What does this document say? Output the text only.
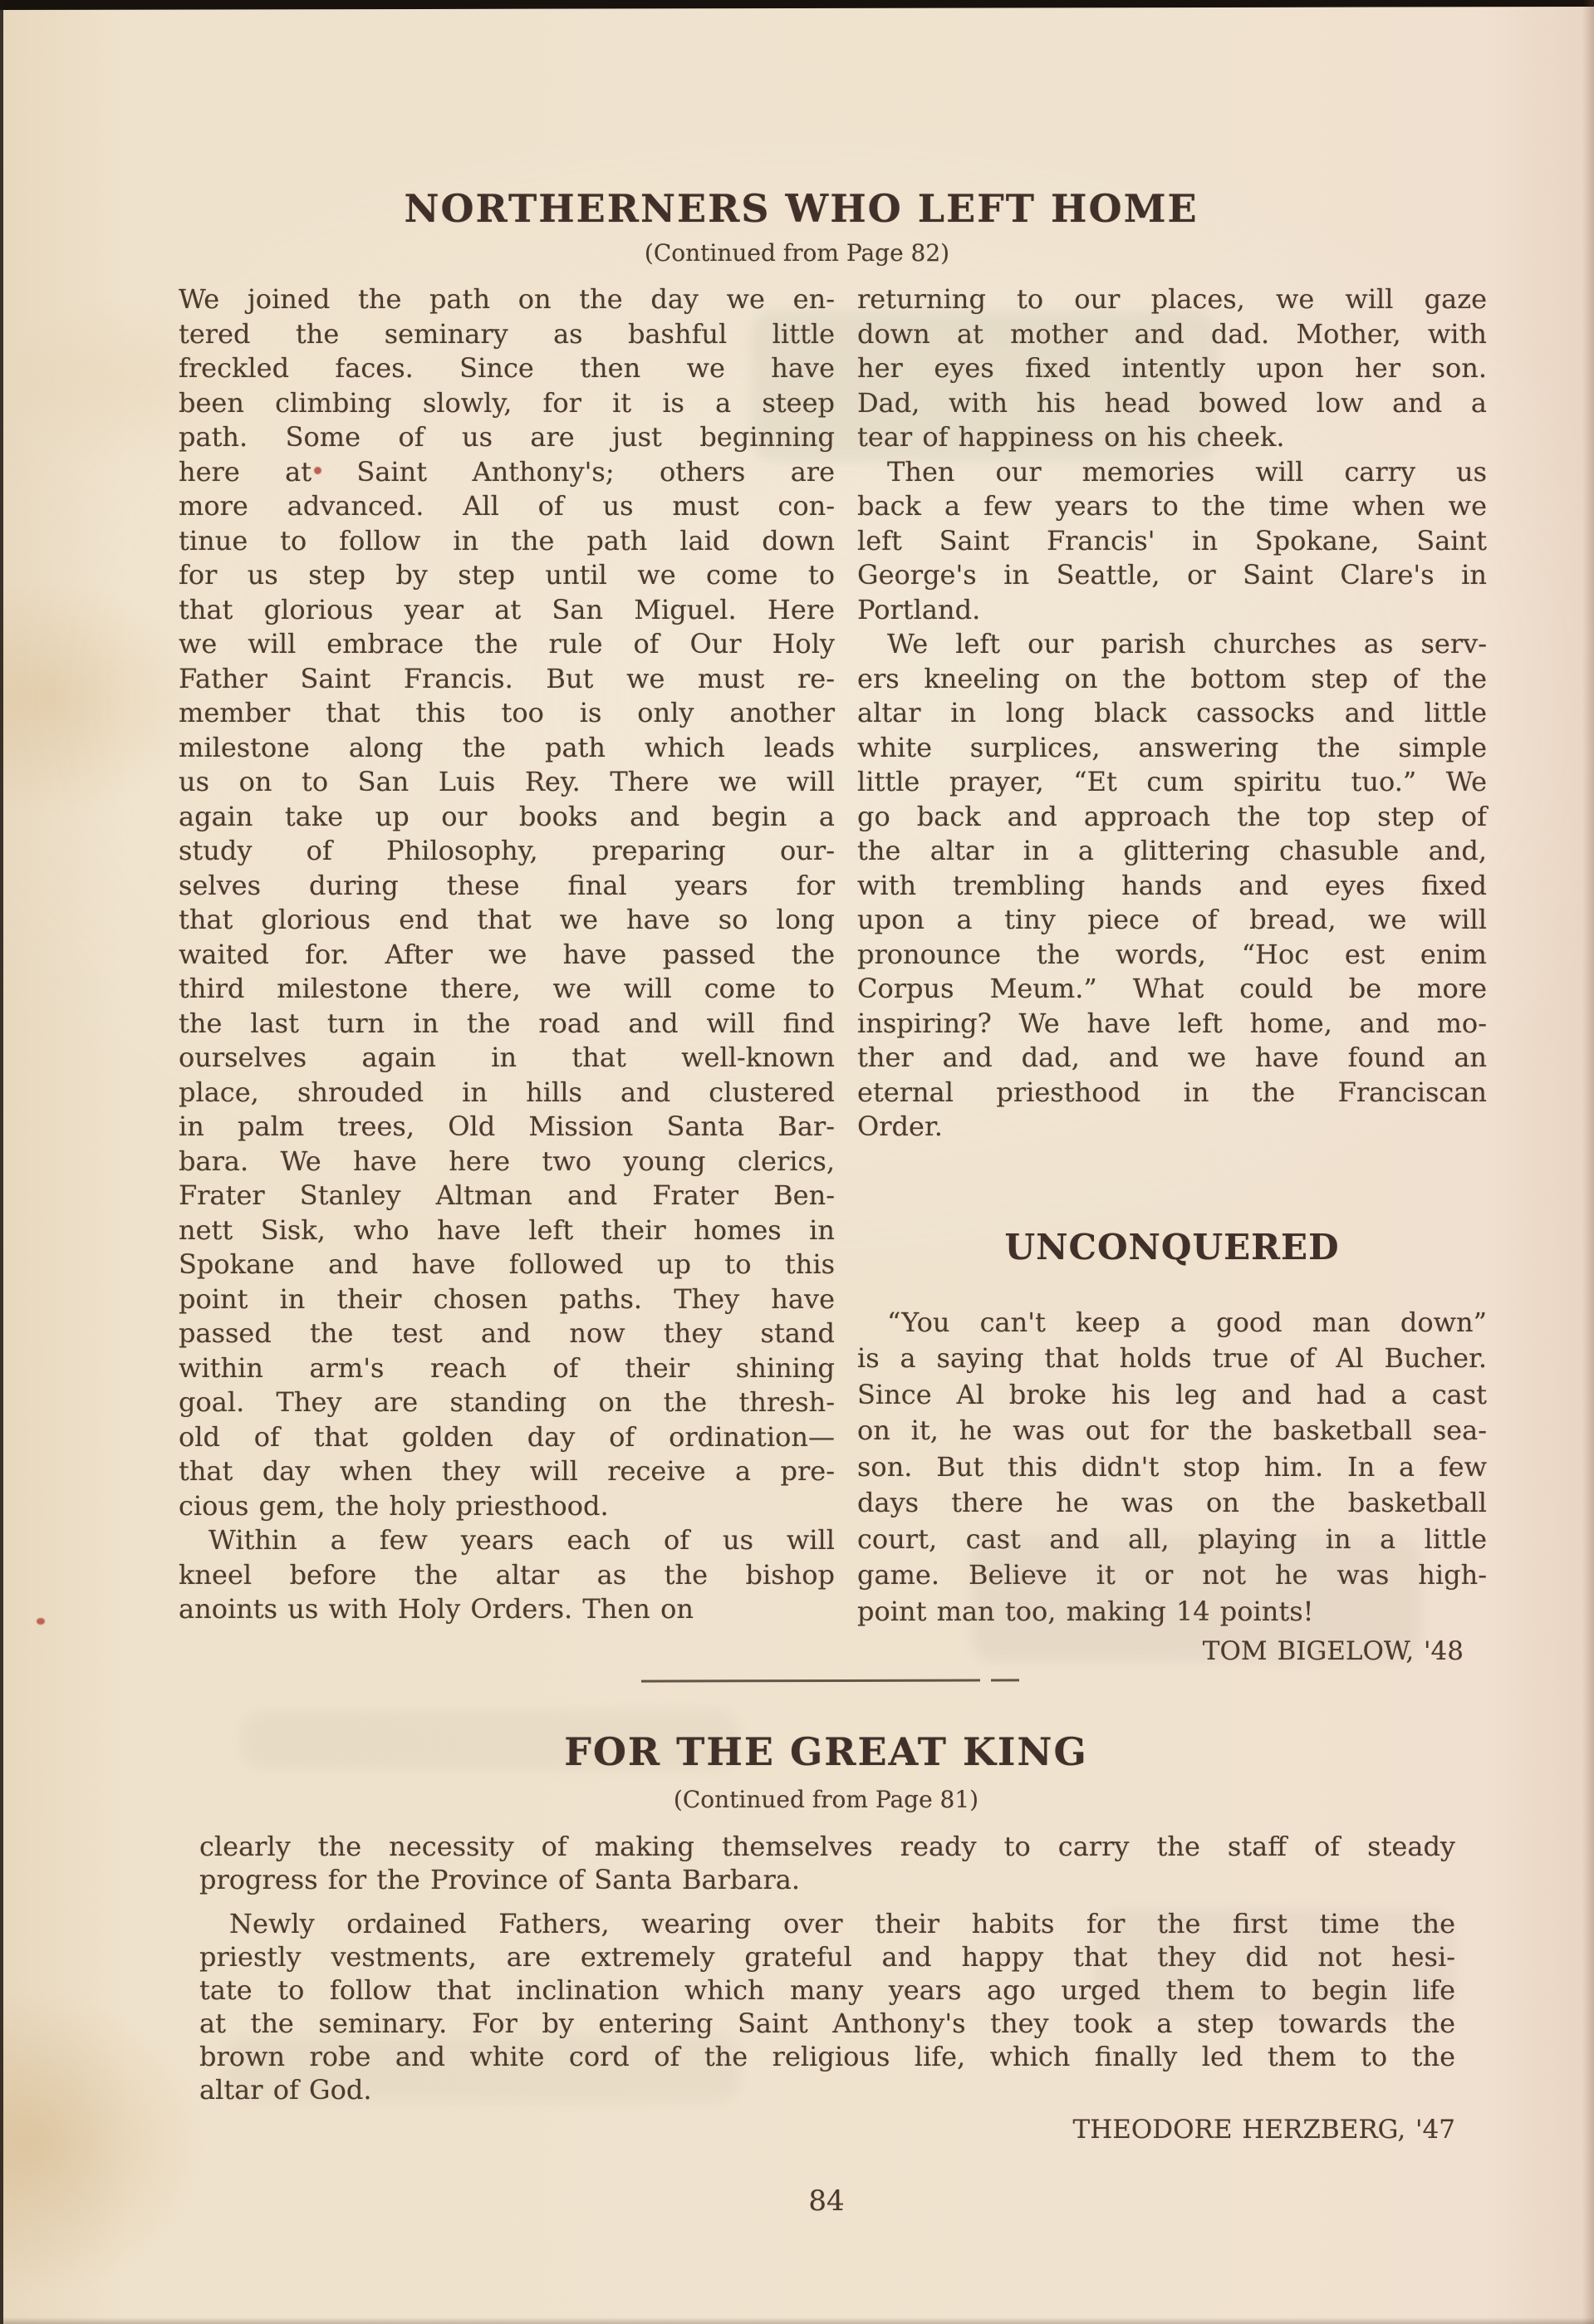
NORTHERNERS WHO LEFT HOME
(Continued from Page 82)
We joined the path on the day we en-
tered the seminary as bashful little
freckled faces. Since then we have
been climbing slowly, for it is a steep
path. Some of us are just beginning
here at Saint Anthony's; others are
more advanced. All of us must con-
tinue to follow in the path laid down
for us step by step until we come to
that glorious year at San Miguel. Here
we will embrace the rule of Our Holy
Father Saint Francis. But we must re-
member that this too is only another
milestone along the path which leads
us on to San Luis Rey. There we will
again take up our books and begin a
study of Philosophy, preparing our-
selves during these final years for
that glorious end that we have so long
waited for. After we have passed the
third milestone there, we will come to
the last turn in the road and will find
ourselves again in that well-known
place, shrouded in hills and clustered
in palm trees, Old Mission Santa Bar-
bara. We have here two young clerics,
Frater Stanley Altman and Frater Ben-
nett Sisk, who have left their homes in
Spokane and have followed up to this
point in their chosen paths. They have
passed the test and now they stand
within arm's reach of their shining
goal. They are standing on the thresh-
old of that golden day of ordination—
that day when they will receive a pre-
cious gem, the holy priesthood.
Within a few years each of us will
kneel before the altar as the bishop
anoints us with Holy Orders. Then on
returning to our places, we will gaze
down at mother and dad. Mother, with
her eyes fixed intently upon her son.
Dad, with his head bowed low and a
tear of happiness on his cheek.
Then our memories will carry us
back a few years to the time when we
left Saint Francis' in Spokane, Saint
George's in Seattle, or Saint Clare's in
Portland.
We left our parish churches as serv-
ers kneeling on the bottom step of the
altar in long black cassocks and little
white surplices, answering the simple
little prayer, “Et cum spiritu tuo.” We
go back and approach the top step of
the altar in a glittering chasuble and,
with trembling hands and eyes fixed
upon a tiny piece of bread, we will
pronounce the words, “Hoc est enim
Corpus Meum.” What could be more
inspiring? We have left home, and mo-
ther and dad, and we have found an
eternal priesthood in the Franciscan
Order.
UNCONQUERED
“You can't keep a good man down”
is a saying that holds true of Al Bucher.
Since Al broke his leg and had a cast
on it, he was out for the basketball sea-
son. But this didn't stop him. In a few
days there he was on the basketball
court, cast and all, playing in a little
game. Believe it or not he was high-
point man too, making 14 points!
TOM BIGELOW, '48
FOR THE GREAT KING
(Continued from Page 81)
clearly the necessity of making themselves ready to carry the staff of steady
progress for the Province of Santa Barbara.
Newly ordained Fathers, wearing over their habits for the first time the
priestly vestments, are extremely grateful and happy that they did not hesi-
tate to follow that inclination which many years ago urged them to begin life
at the seminary. For by entering Saint Anthony's they took a step towards the
brown robe and white cord of the religious life, which finally led them to the
altar of God.
THEODORE HERZBERG, '47
84
